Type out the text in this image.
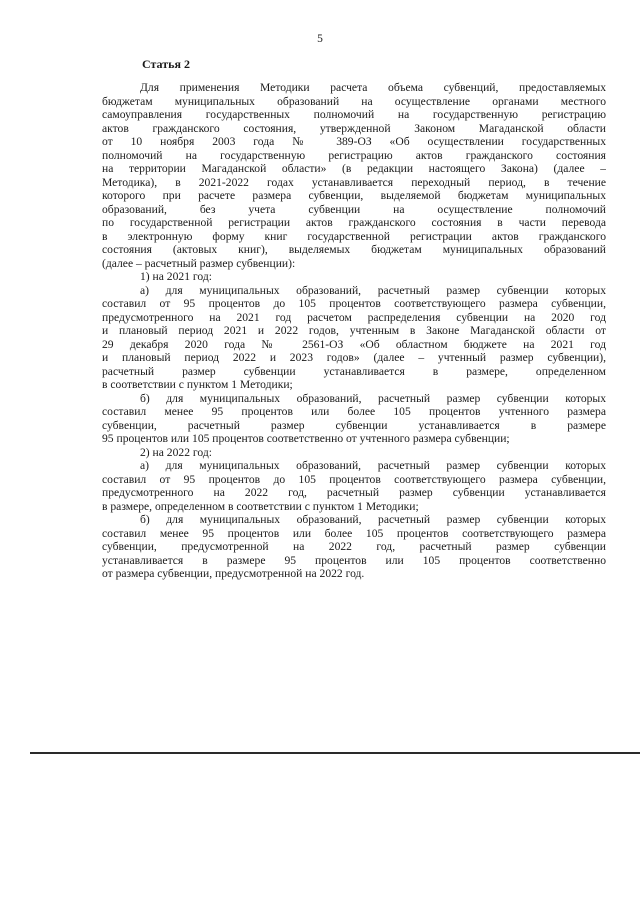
5
Статья 2
Для применения Методики расчета объема субвенций, предоставляемых
бюджетам муниципальных образований на осуществление органами местного
самоуправления государственных полномочий на государственную регистрацию
актов гражданского состояния, утвержденной Законом Магаданской области
от 10 ноября 2003 года № 389-ОЗ «Об осуществлении государственных
полномочий на государственную регистрацию актов гражданского состояния
на территории Магаданской области» (в редакции настоящего Закона) (далее –
Методика), в 2021-2022 годах устанавливается переходный период, в течение
которого при расчете размера субвенции, выделяемой бюджетам муниципальных
образований, без учета субвенции на осуществление полномочий
по государственной регистрации актов гражданского состояния в части перевода
в электронную форму книг государственной регистрации актов гражданского
состояния (актовых книг), выделяемых бюджетам муниципальных образований
(далее – расчетный размер субвенции):
1) на 2021 год:
а) для муниципальных образований, расчетный размер субвенции которых
составил от 95 процентов до 105 процентов соответствующего размера субвенции,
предусмотренного на 2021 год расчетом распределения субвенции на 2020 год
и плановый период 2021 и 2022 годов, учтенным в Законе Магаданской области от
29 декабря 2020 года № 2561-ОЗ «Об областном бюджете на 2021 год
и плановый период 2022 и 2023 годов» (далее – учтенный размер субвенции),
расчетный размер субвенции устанавливается в размере, определенном
в соответствии с пунктом 1 Методики;
б) для муниципальных образований, расчетный размер субвенции которых
составил менее 95 процентов или более 105 процентов учтенного размера
субвенции, расчетный размер субвенции устанавливается в размере
95 процентов или 105 процентов соответственно от учтенного размера субвенции;
2) на 2022 год:
а) для муниципальных образований, расчетный размер субвенции которых
составил от 95 процентов до 105 процентов соответствующего размера субвенции,
предусмотренного на 2022 год, расчетный размер субвенции устанавливается
в размере, определенном в соответствии с пунктом 1 Методики;
б) для муниципальных образований, расчетный размер субвенции которых
составил менее 95 процентов или более 105 процентов соответствующего размера
субвенции, предусмотренной на 2022 год, расчетный размер субвенции
устанавливается в размере 95 процентов или 105 процентов соответственно
от размера субвенции, предусмотренной на 2022 год.
